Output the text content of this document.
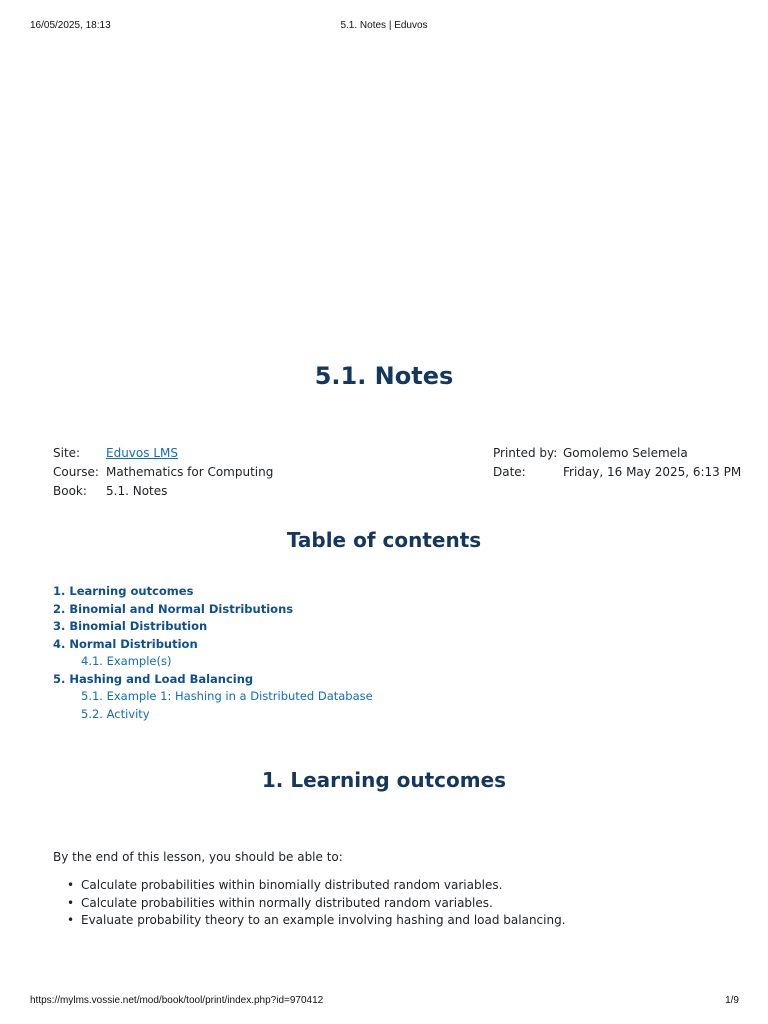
16/05/2025, 18:13	5.1. Notes | Eduvos
5.1. Notes
Site: Eduvos LMS
Course: Mathematics for Computing
Book: 5.1. Notes
Printed by: Gomolemo Selemela
Date:	Friday, 16 May 2025, 6:13 PM
Table of contents
1. Learning outcomes
2. Binomial and Normal Distributions
3. Binomial Distribution
4. Normal Distribution
4.1. Example(s)
5. Hashing and Load Balancing
5.1. Example 1: Hashing in a Distributed Database
5.2. Activity
1. Learning outcomes

By the end of this lesson, you should be able to:

• Calculate probabilities within binomially distributed random variables.
• Calculate probabilities within normally distributed random variables.
• Evaluate probability theory to an example involving hashing and load balancing.
https://mylms.vossie.net/mod/book/tool/print/index.php?id=970412	1/9
